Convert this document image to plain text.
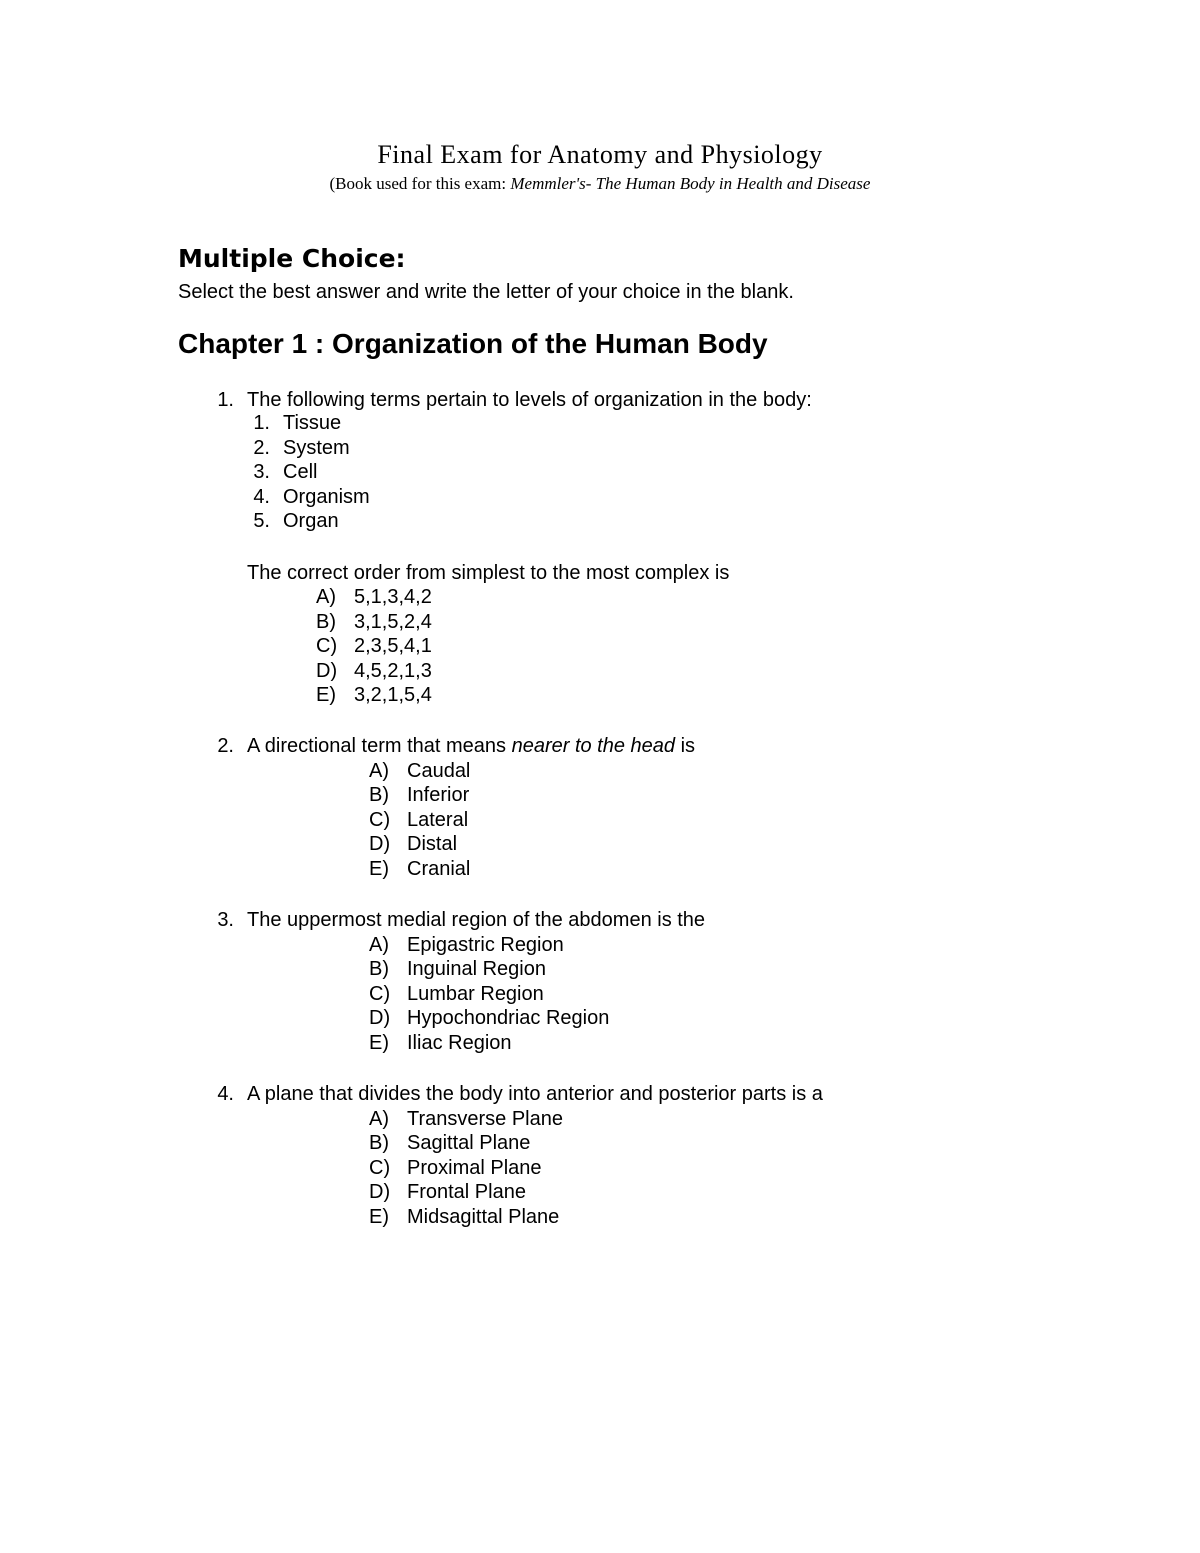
Final Exam for Anatomy and Physiology
(Book used for this exam: Memmler's- The Human Body in Health and Disease
Multiple Choice:
Select the best answer and write the letter of your choice in the blank.
Chapter 1 : Organization of the Human Body
1. The following terms pertain to levels of organization in the body:
1. Tissue
2. System
3. Cell
4. Organism
5. Organ
The correct order from simplest to the most complex is
A) 5,1,3,4,2
B) 3,1,5,2,4
C) 2,3,5,4,1
D) 4,5,2,1,3
E) 3,2,1,5,4
2. A directional term that means nearer to the head is
A) Caudal
B) Inferior
C) Lateral
D) Distal
E) Cranial
3. The uppermost medial region of the abdomen is the
A) Epigastric Region
B) Inguinal Region
C) Lumbar Region
D) Hypochondriac Region
E) Iliac Region
4. A plane that divides the body into anterior and posterior parts is a
A) Transverse Plane
B) Sagittal Plane
C) Proximal Plane
D) Frontal Plane
E) Midsagittal Plane
